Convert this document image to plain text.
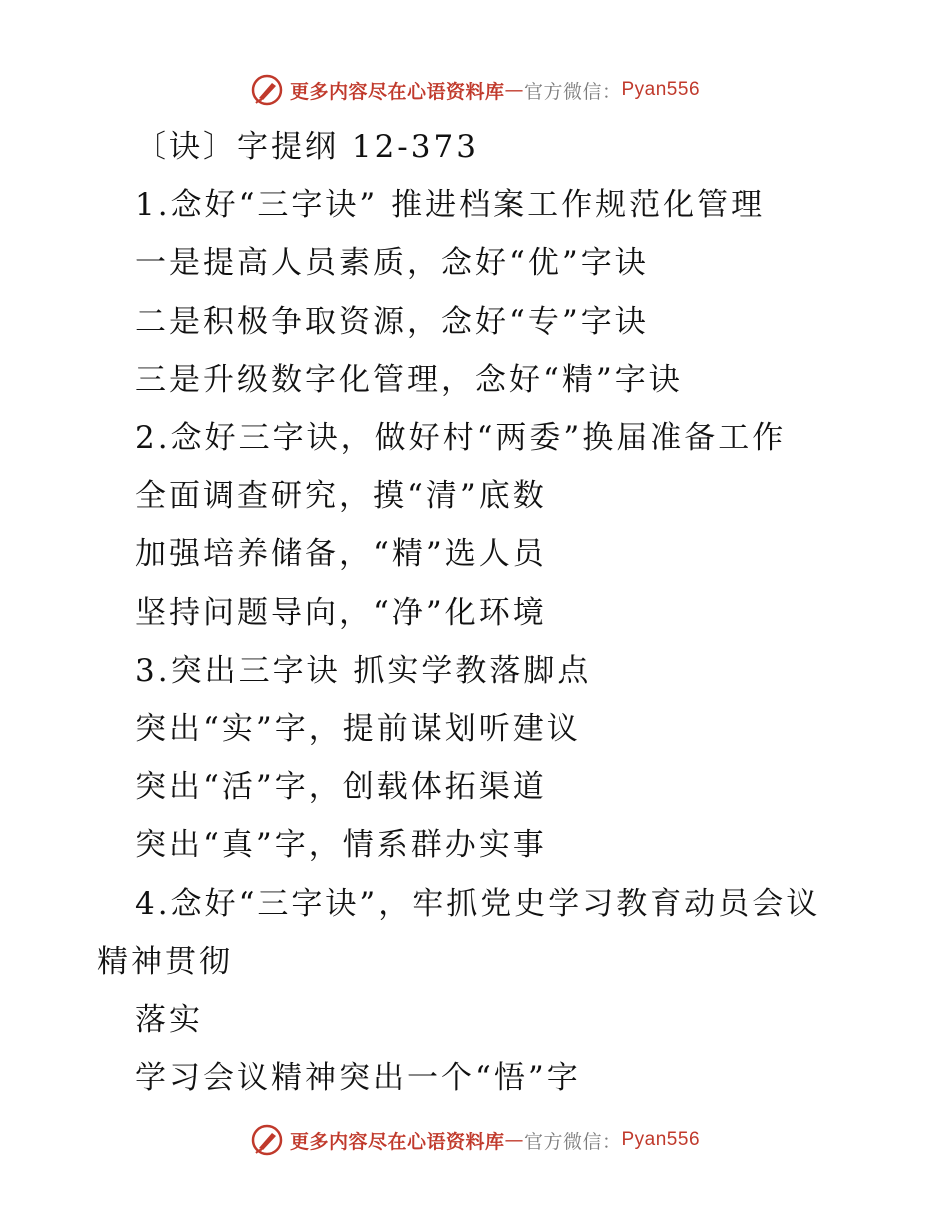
更多内容尽在心语资料库 — 官方微信： Pyan556
〔诀〕字提纲 12-373
1.念好“三字诀” 推进档案工作规范化管理
一是提高人员素质，念好“优”字诀
二是积极争取资源，念好“专”字诀
三是升级数字化管理，念好“精”字诀
2.念好三字诀，做好村“两委”换届准备工作
全面调查研究，摸“清”底数
加强培养储备，“精”选人员
坚持问题导向，“净”化环境
3.突出三字诀 抓实学教落脚点
突出“实”字，提前谋划听建议
突出“活”字，创载体拓渠道
突出“真”字，情系群办实事
4.念好“三字诀”，牢抓党史学习教育动员会议
精神贯彻
落实
学习会议精神突出一个“悟”字
更多内容尽在心语资料库 — 官方微信： Pyan556
